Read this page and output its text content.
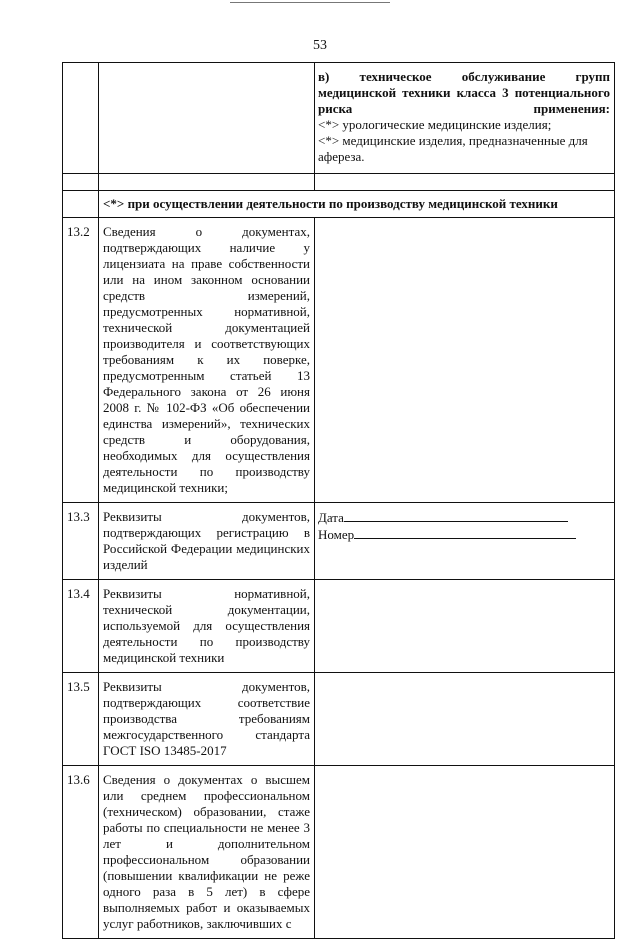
53

		в) техническое обслуживание групп медицинской техники класса 3 потенциального риска применения:
<*> урологические медицинские изделия;
<*> медицинские изделия, предназначенные для афереза.

	<*> при осуществлении деятельности по производству медицинской техники	
13.2	Сведения о документах, подтверждающих наличие у лицензиата на праве собственности или на ином законном основании средств измерений, предусмотренных нормативной, технической документацией производителя и соответствующих требованиям к их поверке, предусмотренным статьей 13 Федерального закона от 26 июня 2008 г. № 102-ФЗ «Об обеспечении единства измерений», технических средств и оборудования, необходимых для осуществления деятельности по производству медицинской техники;	
13.3	Реквизиты документов, подтверждающих регистрацию в Российской Федерации медицинских изделий	Дата
Номер

13.4	Реквизиты нормативной, технической документации, используемой для осуществления деятельности по производству медицинской техники	
13.5	Реквизиты документов, подтверждающих соответствие производства требованиям межгосударственного стандарта ГОСТ ISO 13485-2017	
13.6	Сведения о документах о высшем или среднем профессиональном (техническом) образовании, стаже работы по специальности не менее 3 лет и дополнительном профессиональном образовании (повышении квалификации не реже одного раза в 5 лет) в сфере выполняемых работ и оказываемых услуг работников, заключивших с	
